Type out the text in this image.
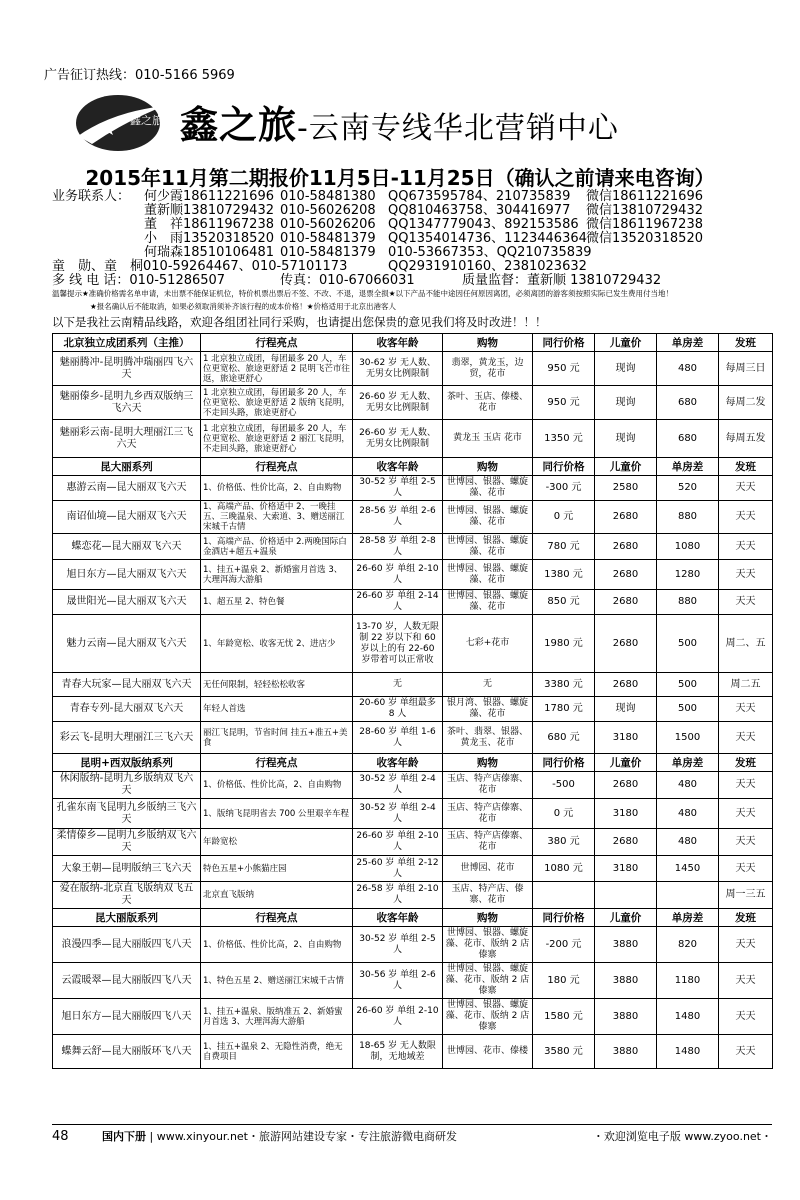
广告征订热线：010-5166 5969
鑫之旅 鑫之旅-云南专线华北营销中心
2015年11月第二期报价11月5日-11月25日（确认之前请来电咨询）
业务联系人： 何少霞18611221696 010-58481380 QQ673595784、210735839 微信18611221696
董新顺13810729432 010-56026208 QQ810463758、304416977 微信13810729432
董　祥18611967238 010-56026206 QQ1347779043、892153586 微信18611967238
小　雨13520318520 010-58481379 QQ1354014736、1123446364 微信13520318520
何瑞森18510106481 010-58481379 010-53667353、QQ210735839
童　勋、童　桐010-59264467、010-57101173	QQ2931910160、2381023632
多 线 电 话：010-51286507	传真：010-67066031	质量监督：董新顺 13810729432
温馨提示★准确价格需名单申请，未出票不能保证机位，特价机票出票后不签、不改、不退，退票全损★以下产品不能中途因任何原因离团，必须离团的游客须按照实际已发生费用付当地！
★报名确认后不能取消，如果必须取消须补齐该行程的成本价格！★价格适用于北京出港客人
以下是我社云南精品线路，欢迎各组团社同行采购，也请提出您保贵的意见我们将及时改进！！！
北京独立成团系列（主推）	行程亮点	收客年龄	购物	同行价格	儿童价	单房差	发班
魅丽腾冲-昆明腾冲瑞丽四飞六天	1 北京独立成团，每团最多 20 人，车位更宽松、旅途更舒适 2 昆明飞芒市往返，旅途更舒心	30-62 岁 无人数、无男女比例限制	翡翠，黄龙玉，边贸，花市	950 元	现询	480	每周三日
魅丽傣乡-昆明九乡西双版纳三飞六天	1 北京独立成团，每团最多 20 人，车位更宽松、旅途更舒适 2 版纳飞昆明，不走回头路，旅途更舒心	26-60 岁 无人数、无男女比例限制	茶叶、玉店、傣楼、花市	950 元	现询	680	每周二发
魅丽彩云南-昆明大理丽江三飞六天	1 北京独立成团，每团最多 20 人，车位更宽松、旅途更舒适 2 丽江飞昆明，不走回头路，旅途更舒心	26-60 岁 无人数、无男女比例限制	黄龙玉 玉店 花市	1350 元	现询	680	每周五发
昆大丽系列	行程亮点	收客年龄	购物	同行价格	儿童价	单房差	发班
惠游云南—昆大丽双飞六天	1、价格低、性价比高，2、自由购物	30-52 岁 单组 2-5 人	世博园、银器、螺旋藻、花市	-300 元	2580	520	天天
南诏仙境—昆大丽双飞六天	1、高端产品、价格适中 2、一晚挂五、三晚温泉、大索道、3、赠送丽江宋城千古情	28-56 岁 单组 2-6 人	世博园、银器、螺旋藻、花市	0 元	2680	880	天天
蝶恋花—昆大丽双飞六天	1、高端产品、价格适中 2.两晚国际白金酒店+超五+温泉	28-58 岁 单组 2-8 人	世博园、银器、螺旋藻、花市	780 元	2680	1080	天天
旭日东方—昆大丽双飞六天	1、挂五+温泉 2、新婚蜜月首选 3、大理洱海大游船	26-60 岁 单组 2-10 人	世博园、银器、螺旋藻、花市	1380 元	2680	1280	天天
晟世阳光—昆大丽双飞六天	1、超五星 2、特色餐	26-60 岁 单组 2-14 人	世博园、银器、螺旋藻、花市	850 元	2680	880	天天
魅力云南—昆大丽双飞六天	1、年龄宽松、收客无忧 2、进店少	13-70 岁，人数无限制 22 岁以下和 60 岁以上的有 22-60 岁带着可以正常收	七彩+花市	1980 元	2680	500	周二、五
青春大玩家—昆大丽双飞六天	无任何限制，轻轻松松收客	无	无	3380 元	2680	500	周二五
青春专列-昆大丽双飞六天	年轻人首选	20-60 岁 单组最多 8 人	银月湾、银器、螺旋藻、花市	1780 元	现询	500	天天
彩云飞-昆明大理丽江三飞六天	丽江飞昆明，节省时间 挂五+准五+美食	28-60 岁 单组 1-6 人	茶叶、翡翠、银器、黄龙玉、花市	680 元	3180	1500	天天
昆明+西双版纳系列	行程亮点	收客年龄	购物	同行价格	儿童价	单房差	发班
休闲版纳-昆明九乡版纳双飞六天	1、价格低、性价比高，2、自由购物	30-52 岁 单组 2-4 人	玉店、特产店傣寨、花市	-500	2680	480	天天
孔雀东南飞昆明九乡版纳三飞六天	1、版纳飞昆明省去 700 公里艰辛车程	30-52 岁 单组 2-4 人	玉店、特产店傣寨、花市	0 元	3180	480	天天
柔情傣乡—昆明九乡版纳双飞六天	年龄宽松	26-60 岁 单组 2-10 人	玉店、特产店傣寨、花市	380 元	2680	480	天天
大象王朝—昆明版纳三飞六天	特色五星+小熊猫庄园	25-60 岁 单组 2-12 人	世博园、花市	1080 元	3180	1450	天天
爱在版纳-北京直飞版纳双飞五天	北京直飞版纳	26-58 岁 单组 2-10 人	玉店、特产店、傣寨、花市				周一三五
昆大丽版系列	行程亮点	收客年龄	购物	同行价格	儿童价	单房差	发班
浪漫四季—昆大丽版四飞八天	1、价格低、性价比高，2、自由购物	30-52 岁 单组 2-5 人	世博园、银器、螺旋藻、花市、版纳 2 店傣寨	-200 元	3880	820	天天
云霞暖翠—昆大丽版四飞八天	1、特色五星 2、赠送丽江宋城千古情	30-56 岁 单组 2-6 人	世博园、银器、螺旋藻、花市、版纳 2 店傣寨	180 元	3880	1180	天天
旭日东方—昆大丽版四飞八天	1、挂五+温泉、版纳准五 2、新婚蜜月首选 3、大理洱海大游船	26-60 岁 单组 2-10 人	世博园、银器、螺旋藻、花市、版纳 2 店傣寨	1580 元	3880	1480	天天
蝶舞云舒—昆大丽版环飞八天	1、挂五+温泉 2、无隐性消费，绝无自费项目	18-65 岁 无人数限制，无地域差	世博园、花市、傣楼	3580 元	3880	1480	天天
48	国内下册 | www.xinyour.net・旅游网站建设专家・专注旅游微电商研发	・欢迎浏览电子版 www.zyoo.net・
